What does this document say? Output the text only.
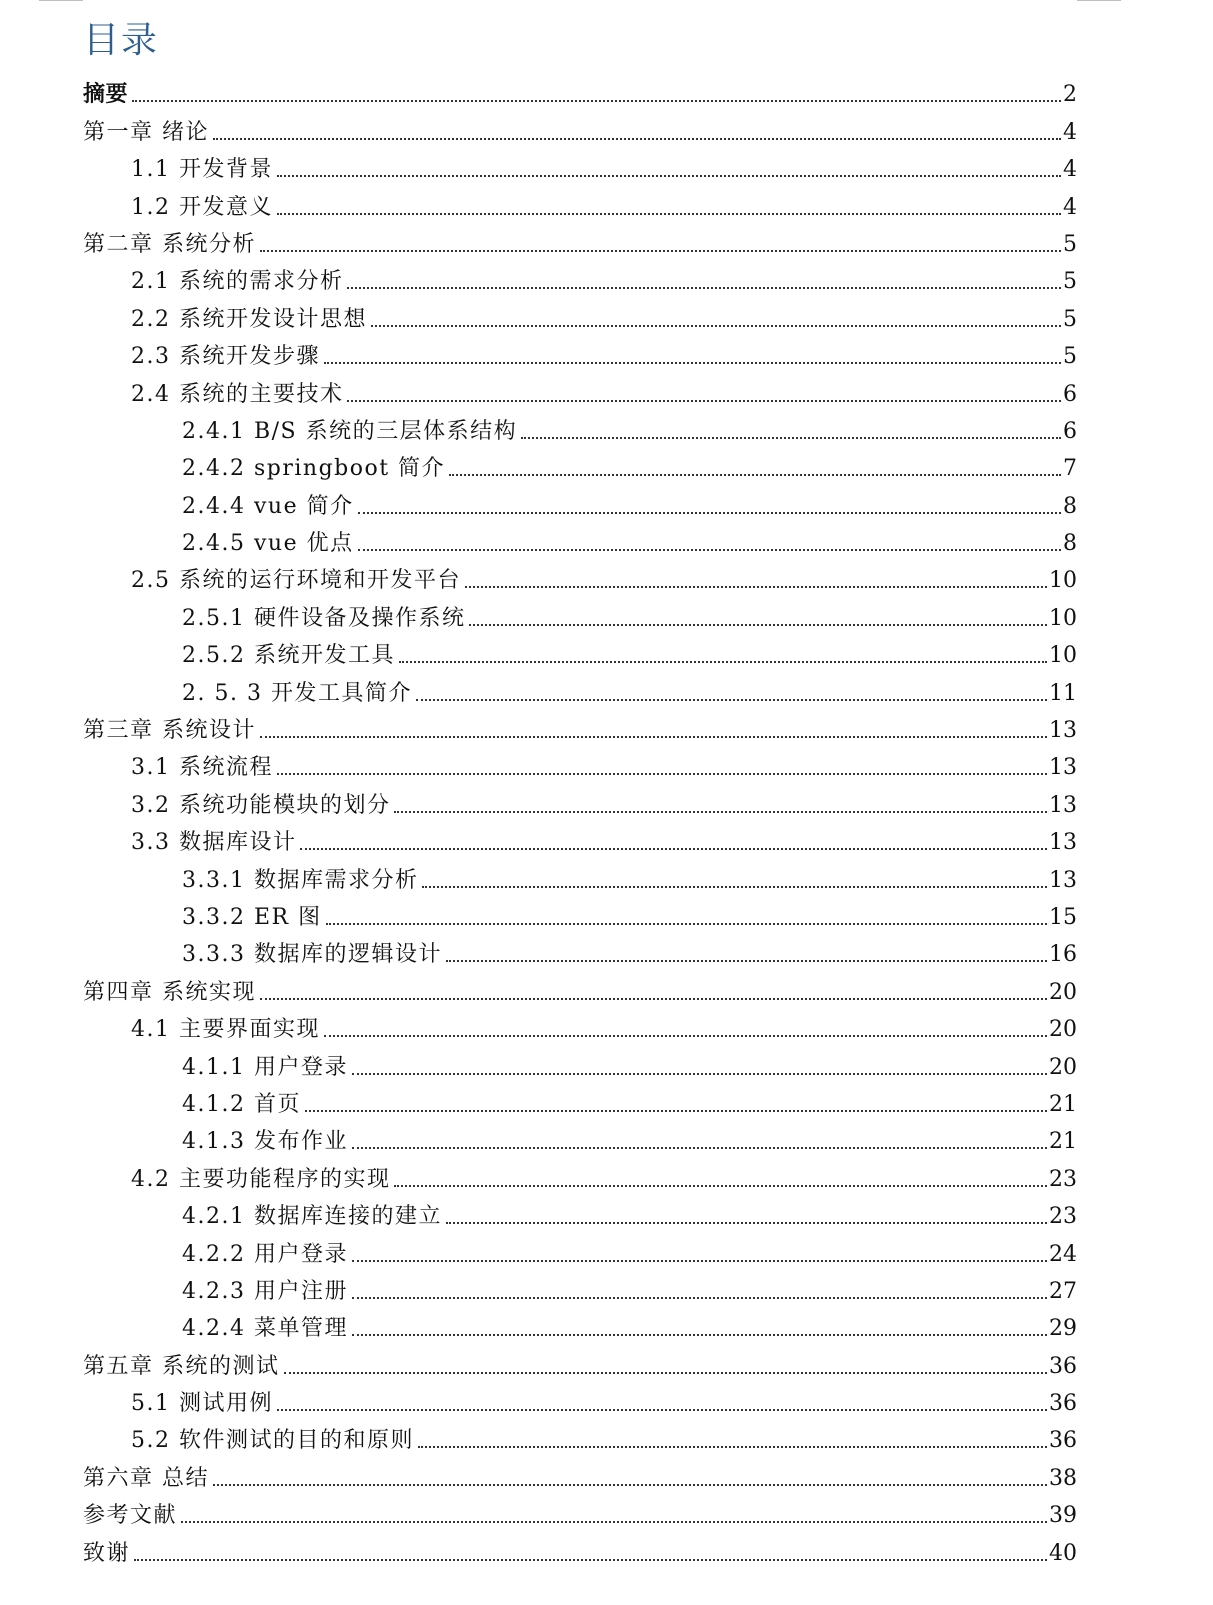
目录
摘要	2
第一章 绪论	4
1.1 开发背景	4
1.2 开发意义	4
第二章 系统分析	5
2.1 系统的需求分析	5
2.2 系统开发设计思想	5
2.3 系统开发步骤	5
2.4 系统的主要技术	6
2.4.1 B/S 系统的三层体系结构	6
2.4.2 springboot 简介	7
2.4.4 vue 简介	8
2.4.5 vue 优点	8
2.5 系统的运行环境和开发平台	10
2.5.1 硬件设备及操作系统	10
2.5.2 系统开发工具	10
2. 5. 3 开发工具简介	11
第三章 系统设计	13
3.1 系统流程	13
3.2 系统功能模块的划分	13
3.3 数据库设计	13
3.3.1 数据库需求分析	13
3.3.2 ER 图	15
3.3.3 数据库的逻辑设计	16
第四章 系统实现	20
4.1 主要界面实现	20
4.1.1 用户登录	20
4.1.2 首页	21
4.1.3 发布作业	21
4.2 主要功能程序的实现	23
4.2.1 数据库连接的建立	23
4.2.2 用户登录	24
4.2.3 用户注册	27
4.2.4 菜单管理	29
第五章 系统的测试	36
5.1 测试用例	36
5.2 软件测试的目的和原则	36
第六章 总结	38
参考文献	39
致谢	40
